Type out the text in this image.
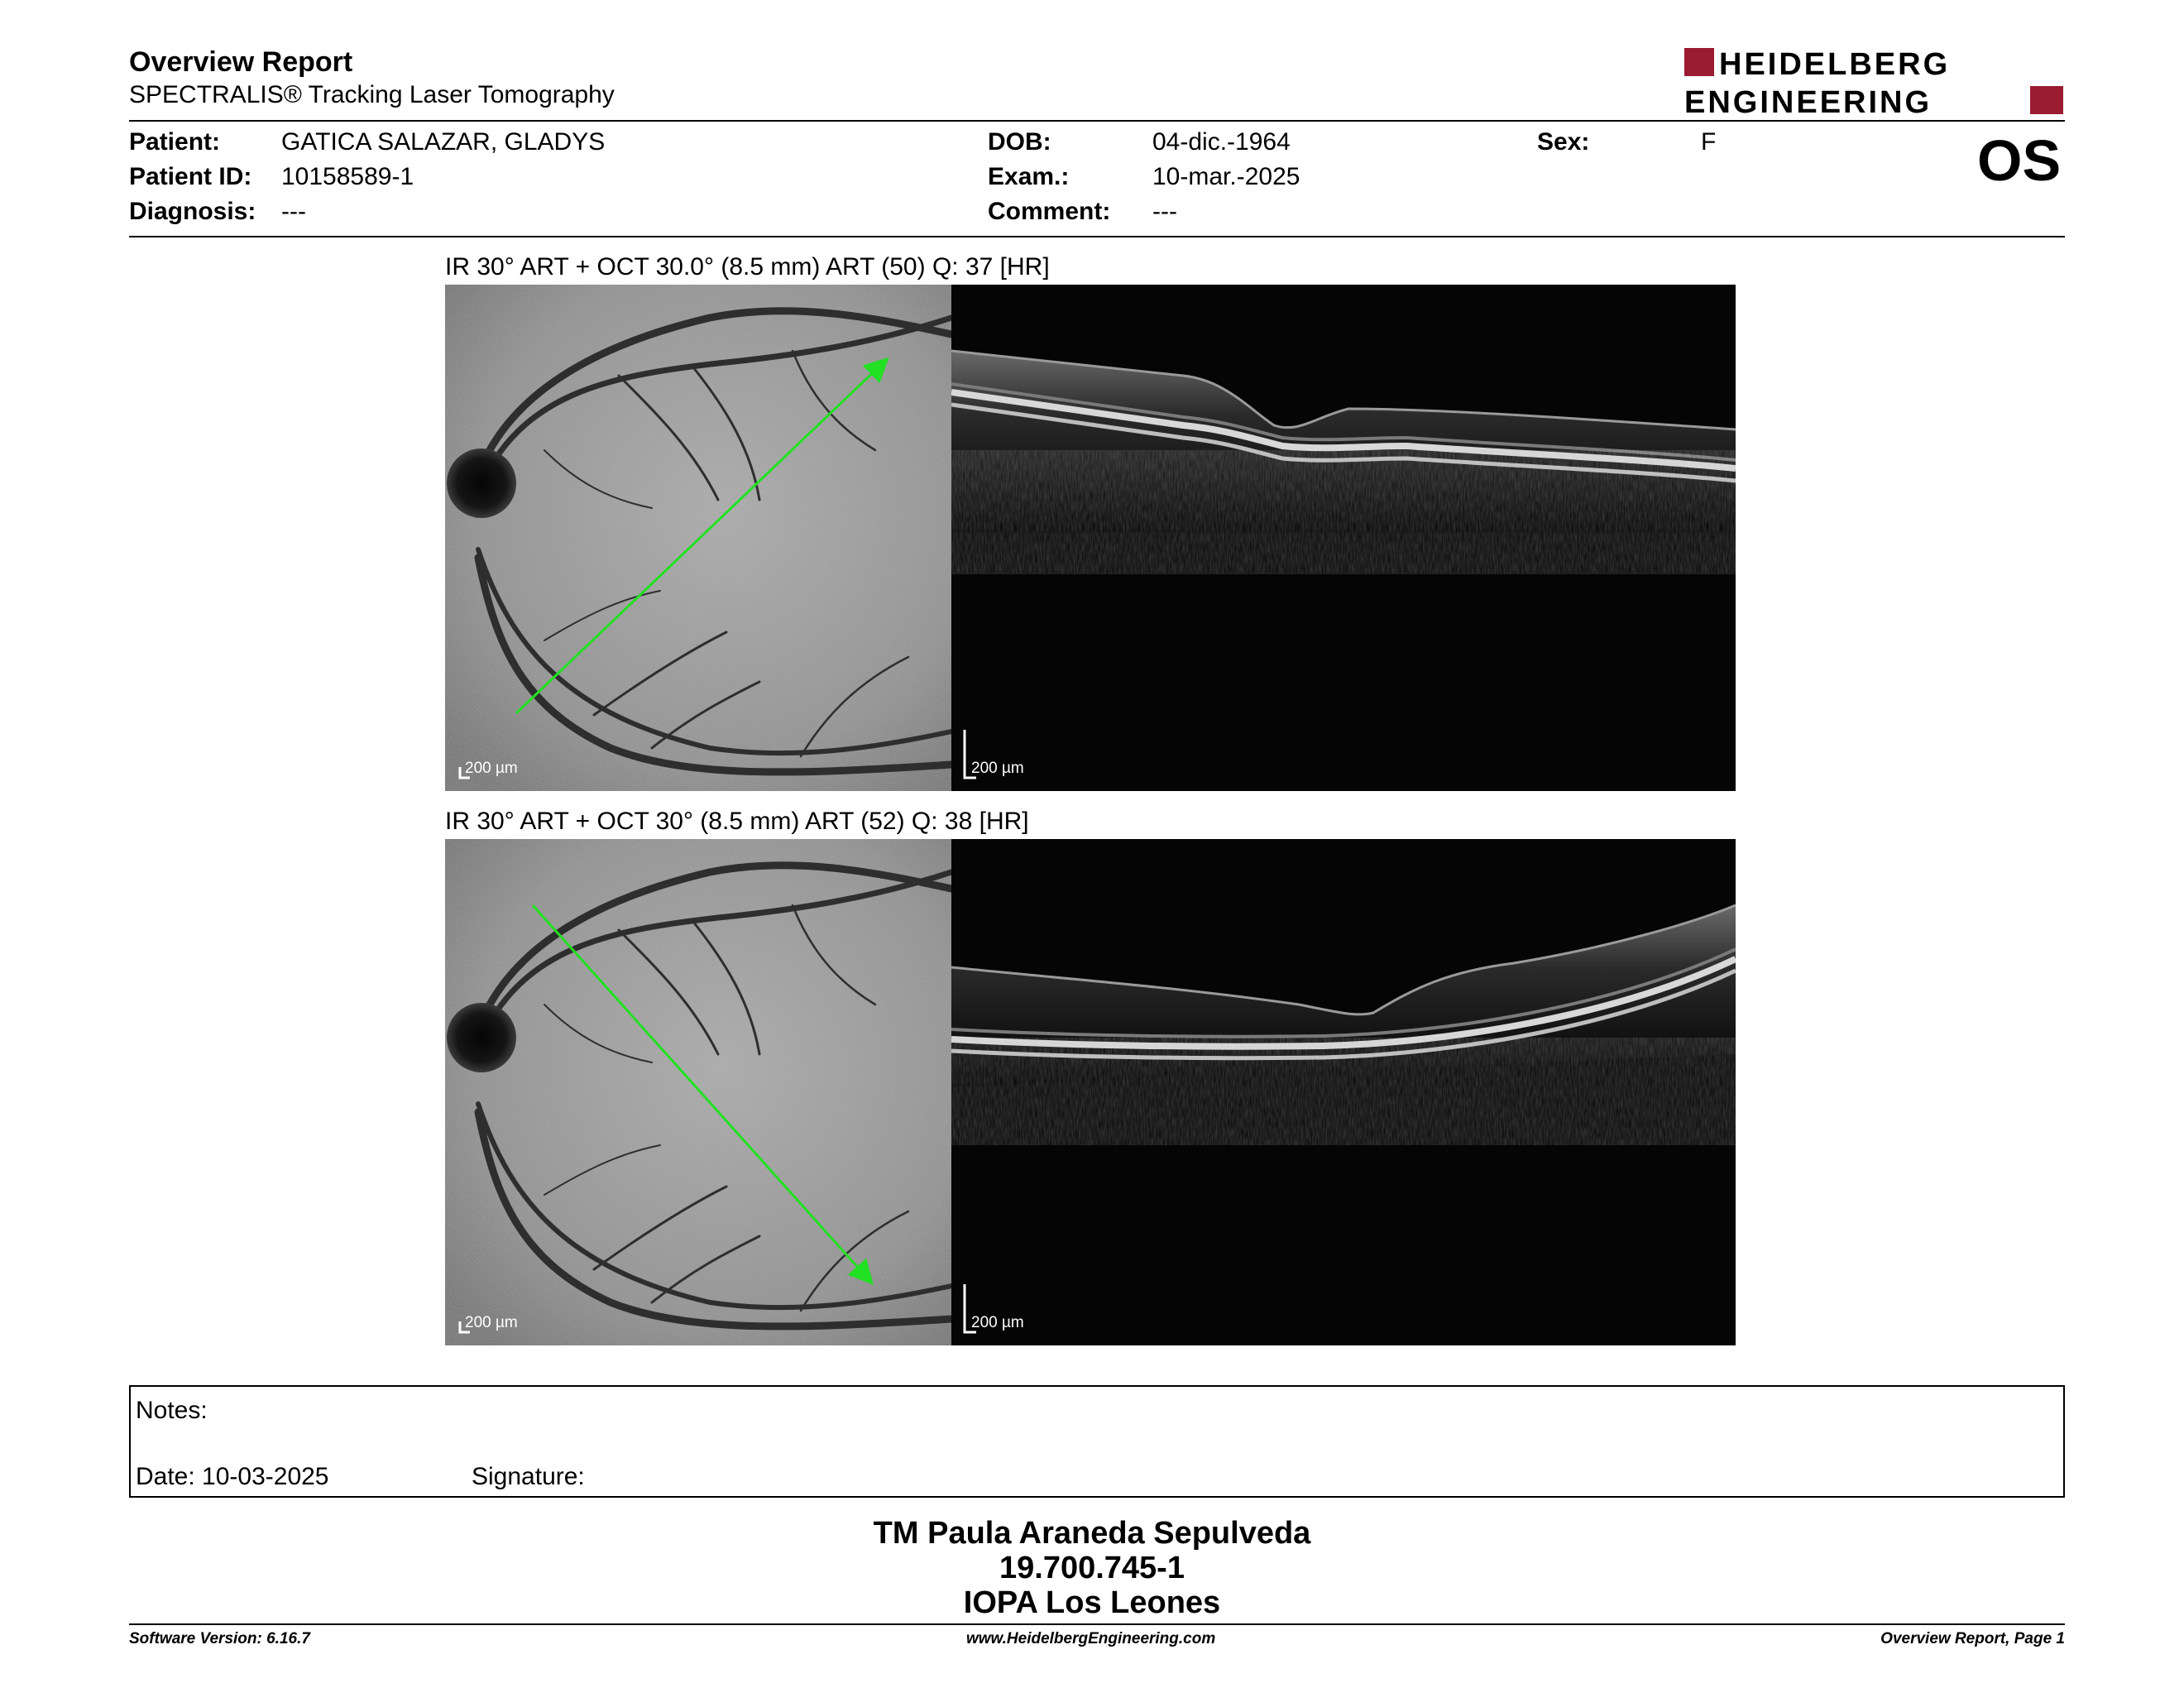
Overview Report
SPECTRALIS® Tracking Laser Tomography
HEIDELBERG
ENGINEERING
Patient: GATICA SALAZAR, GLADYS
Patient ID: 10158589-1
Diagnosis: ---
DOB:	04-dic.-1964
Exam.:	10-mar.-2025
Comment: ---
Sex:	F	OS
IR 30° ART + OCT 30.0° (8.5 mm) ART (50) Q: 37 [HR]
200 µm	200 µm
IR 30° ART + OCT 30° (8.5 mm) ART (52) Q: 38 [HR]
200 µm	200 µm
Notes:
Date: 10-03-2025	Signature:
TM Paula Araneda Sepulveda
19.700.745-1
IOPA Los Leones
Software Version: 6.16.7	www.HeidelbergEngineering.com	Overview Report, Page 1
